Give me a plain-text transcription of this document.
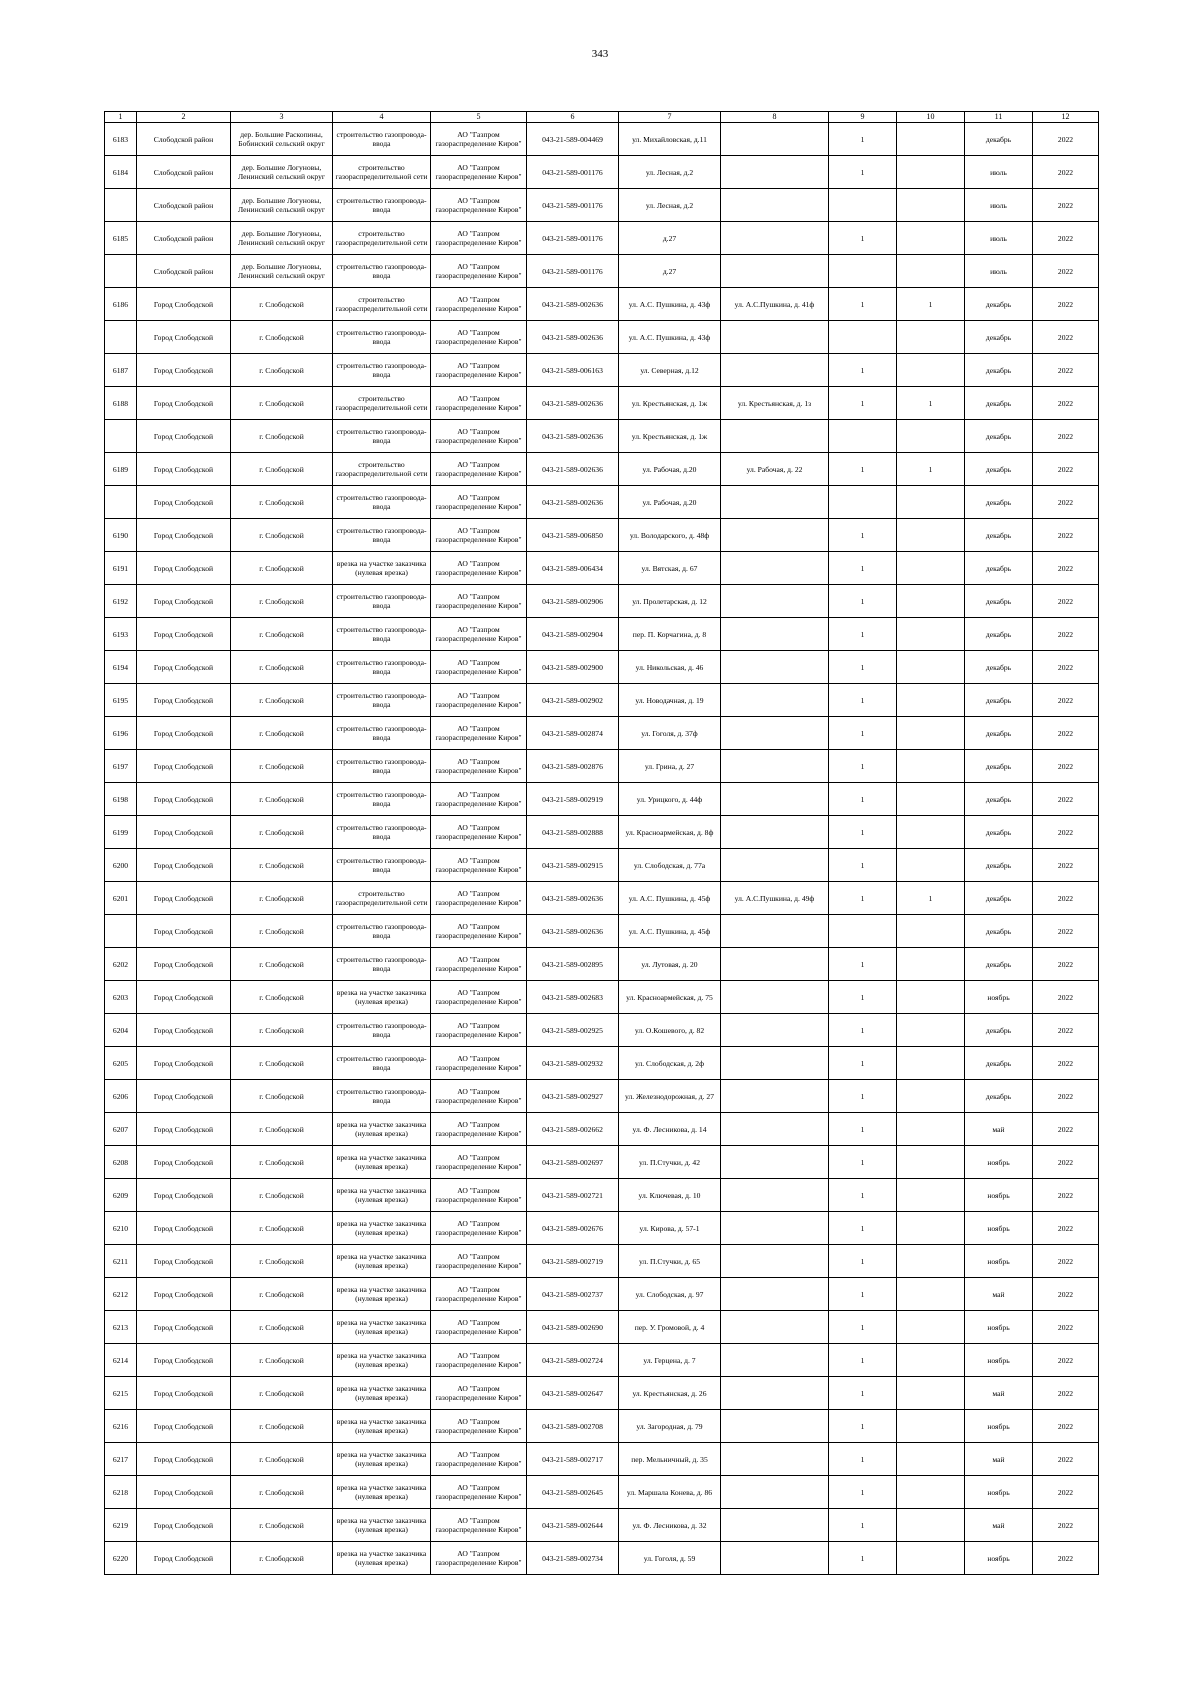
343
1	2	3	4	5	6	7	8	9	10	11	12
6183	Слободской район	дер. Большие Раскопины, Бобинский сельский округ	строительство газопровода-ввода	АО "Газпром газораспределение Киров"	043-21-589-004469	ул. Михайловская, д.11		1		декабрь	2022
6184	Слободской район	дер. Большие Логуновы, Ленинский сельский округ	строительство газораспределительной сети	АО "Газпром газораспределение Киров"	043-21-589-001176	ул. Лесная, д.2		1		июль	2022
	Слободской район	дер. Большие Логуновы, Ленинский сельский округ	строительство газопровода-ввода	АО "Газпром газораспределение Киров"	043-21-589-001176	ул. Лесная, д.2				июль	2022
6185	Слободской район	дер. Большие Логуновы, Ленинский сельский округ	строительство газораспределительной сети	АО "Газпром газораспределение Киров"	043-21-589-001176	д.27		1		июль	2022
	Слободской район	дер. Большие Логуновы, Ленинский сельский округ	строительство газопровода-ввода	АО "Газпром газораспределение Киров"	043-21-589-001176	д.27				июль	2022
6186	Город Слободской	г. Слободской	строительство газораспределительной сети	АО "Газпром газораспределение Киров"	043-21-589-002636	ул. А.С. Пушкина, д. 43ф	ул. А.С.Пушкина, д. 41ф	1	1	декабрь	2022
	Город Слободской	г. Слободской	строительство газопровода-ввода	АО "Газпром газораспределение Киров"	043-21-589-002636	ул. А.С. Пушкина, д. 43ф				декабрь	2022
6187	Город Слободской	г. Слободской	строительство газопровода-ввода	АО "Газпром газораспределение Киров"	043-21-589-006163	ул. Северная, д.12		1		декабрь	2022
6188	Город Слободской	г. Слободской	строительство газораспределительной сети	АО "Газпром газораспределение Киров"	043-21-589-002636	ул. Крестьянская, д. 1ж	ул. Крестьянская, д. 1з	1	1	декабрь	2022
	Город Слободской	г. Слободской	строительство газопровода-ввода	АО "Газпром газораспределение Киров"	043-21-589-002636	ул. Крестьянская, д. 1ж				декабрь	2022
6189	Город Слободской	г. Слободской	строительство газораспределительной сети	АО "Газпром газораспределение Киров"	043-21-589-002636	ул. Рабочая, д.20	ул. Рабочая, д. 22	1	1	декабрь	2022
	Город Слободской	г. Слободской	строительство газопровода-ввода	АО "Газпром газораспределение Киров"	043-21-589-002636	ул. Рабочая, д.20				декабрь	2022
6190	Город Слободской	г. Слободской	строительство газопровода-ввода	АО "Газпром газораспределение Киров"	043-21-589-006850	ул. Володарского, д. 48ф		1		декабрь	2022
6191	Город Слободской	г. Слободской	врезка на участке заказчика (нулевая врезка)	АО "Газпром газораспределение Киров"	043-21-589-006434	ул. Вятская, д. 67		1		декабрь	2022
6192	Город Слободской	г. Слободской	строительство газопровода-ввода	АО "Газпром газораспределение Киров"	043-21-589-002906	ул. Пролетарская, д. 12		1		декабрь	2022
6193	Город Слободской	г. Слободской	строительство газопровода-ввода	АО "Газпром газораспределение Киров"	043-21-589-002904	пер. П. Корчагина, д. 8		1		декабрь	2022
6194	Город Слободской	г. Слободской	строительство газопровода-ввода	АО "Газпром газораспределение Киров"	043-21-589-002900	ул. Никольская, д. 46		1		декабрь	2022
6195	Город Слободской	г. Слободской	строительство газопровода-ввода	АО "Газпром газораспределение Киров"	043-21-589-002902	ул. Новодачная, д. 19		1		декабрь	2022
6196	Город Слободской	г. Слободской	строительство газопровода-ввода	АО "Газпром газораспределение Киров"	043-21-589-002874	ул. Гоголя, д. 37ф		1		декабрь	2022
6197	Город Слободской	г. Слободской	строительство газопровода-ввода	АО "Газпром газораспределение Киров"	043-21-589-002876	ул. Грина, д. 27		1		декабрь	2022
6198	Город Слободской	г. Слободской	строительство газопровода-ввода	АО "Газпром газораспределение Киров"	043-21-589-002919	ул. Урицкого, д. 44ф		1		декабрь	2022
6199	Город Слободской	г. Слободской	строительство газопровода-ввода	АО "Газпром газораспределение Киров"	043-21-589-002888	ул. Красноармейская, д. 8ф		1		декабрь	2022
6200	Город Слободской	г. Слободской	строительство газопровода-ввода	АО "Газпром газораспределение Киров"	043-21-589-002915	ул. Слободская, д. 77а		1		декабрь	2022
6201	Город Слободской	г. Слободской	строительство газораспределительной сети	АО "Газпром газораспределение Киров"	043-21-589-002636	ул. А.С. Пушкина, д. 45ф	ул. А.С.Пушкина, д. 49ф	1	1	декабрь	2022
	Город Слободской	г. Слободской	строительство газопровода-ввода	АО "Газпром газораспределение Киров"	043-21-589-002636	ул. А.С. Пушкина, д. 45ф				декабрь	2022
6202	Город Слободской	г. Слободской	строительство газопровода-ввода	АО "Газпром газораспределение Киров"	043-21-589-002895	ул. Лутовая, д. 20		1		декабрь	2022
6203	Город Слободской	г. Слободской	врезка на участке заказчика (нулевая врезка)	АО "Газпром газораспределение Киров"	043-21-589-002683	ул. Красноармейская, д. 75		1		ноябрь	2022
6204	Город Слободской	г. Слободской	строительство газопровода-ввода	АО "Газпром газораспределение Киров"	043-21-589-002925	ул. О.Кошевого, д. 82		1		декабрь	2022
6205	Город Слободской	г. Слободской	строительство газопровода-ввода	АО "Газпром газораспределение Киров"	043-21-589-002932	ул. Слободская, д. 2ф		1		декабрь	2022
6206	Город Слободской	г. Слободской	строительство газопровода-ввода	АО "Газпром газораспределение Киров"	043-21-589-002927	ул. Железнодорожная, д. 27		1		декабрь	2022
6207	Город Слободской	г. Слободской	врезка на участке заказчика (нулевая врезка)	АО "Газпром газораспределение Киров"	043-21-589-002662	ул. Ф. Лесникова, д. 14		1		май	2022
6208	Город Слободской	г. Слободской	врезка на участке заказчика (нулевая врезка)	АО "Газпром газораспределение Киров"	043-21-589-002697	ул. П.Стучки, д. 42		1		ноябрь	2022
6209	Город Слободской	г. Слободской	врезка на участке заказчика (нулевая врезка)	АО "Газпром газораспределение Киров"	043-21-589-002721	ул. Ключевая, д. 10		1		ноябрь	2022
6210	Город Слободской	г. Слободской	врезка на участке заказчика (нулевая врезка)	АО "Газпром газораспределение Киров"	043-21-589-002676	ул. Кирова, д. 57-1		1		ноябрь	2022
6211	Город Слободской	г. Слободской	врезка на участке заказчика (нулевая врезка)	АО "Газпром газораспределение Киров"	043-21-589-002719	ул. П.Стучки, д. 65		1		ноябрь	2022
6212	Город Слободской	г. Слободской	врезка на участке заказчика (нулевая врезка)	АО "Газпром газораспределение Киров"	043-21-589-002737	ул. Слободская, д. 97		1		май	2022
6213	Город Слободской	г. Слободской	врезка на участке заказчика (нулевая врезка)	АО "Газпром газораспределение Киров"	043-21-589-002690	пер. У. Громовой, д. 4		1		ноябрь	2022
6214	Город Слободской	г. Слободской	врезка на участке заказчика (нулевая врезка)	АО "Газпром газораспределение Киров"	043-21-589-002724	ул. Герцена, д. 7		1		ноябрь	2022
6215	Город Слободской	г. Слободской	врезка на участке заказчика (нулевая врезка)	АО "Газпром газораспределение Киров"	043-21-589-002647	ул. Крестьянская, д. 26		1		май	2022
6216	Город Слободской	г. Слободской	врезка на участке заказчика (нулевая врезка)	АО "Газпром газораспределение Киров"	043-21-589-002708	ул. Загородная, д. 79		1		ноябрь	2022
6217	Город Слободской	г. Слободской	врезка на участке заказчика (нулевая врезка)	АО "Газпром газораспределение Киров"	043-21-589-002717	пер. Мельничный, д. 35		1		май	2022
6218	Город Слободской	г. Слободской	врезка на участке заказчика (нулевая врезка)	АО "Газпром газораспределение Киров"	043-21-589-002645	ул. Маршала Конева, д. 86		1		ноябрь	2022
6219	Город Слободской	г. Слободской	врезка на участке заказчика (нулевая врезка)	АО "Газпром газораспределение Киров"	043-21-589-002644	ул. Ф. Лесникова, д. 32		1		май	2022
6220	Город Слободской	г. Слободской	врезка на участке заказчика (нулевая врезка)	АО "Газпром газораспределение Киров"	043-21-589-002734	ул. Гоголя, д. 59		1		ноябрь	2022
